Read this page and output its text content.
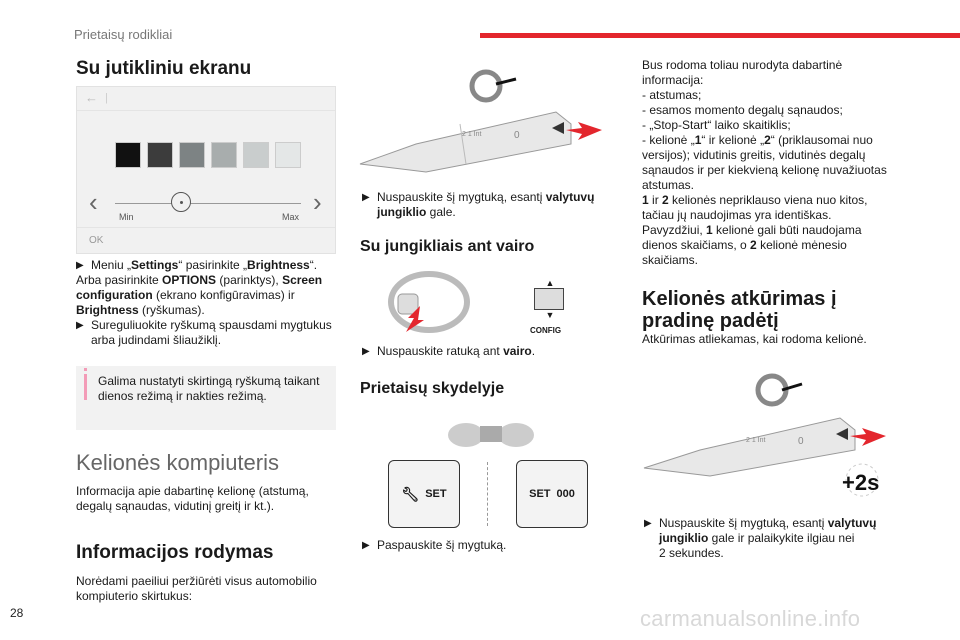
Prietaisų rodikliai
Su jutikliniu ekranu
← |
‹	›
Min	Max
OK
▶ Meniu „Settings“ pasirinkite „Brightness“.

Arba pasirinkite OPTIONS (parinktys), Screen configuration (ekrano konfigūravimas) ir Brightness (ryškumas).

▶ Sureguliuokite ryškumą spausdami mygtukus arba judindami šliaužiklį.

Galima nustatyti skirtingą ryškumą taikant dienos režimą ir nakties režimą.

Kelionės kompiuteris

Informacija apie dabartinę kelionę (atstumą, degalų sąnaudas, vidutinį greitį ir kt.).

Informacijos rodymas

Norėdami paeiliui peržiūrėti visus automobilio kompiuterio skirtukus:

2 1 Int	0
▶ Nuspauskite šį mygtuką, esantį valytuvų jungiklio gale.
Su jungikliais ant vairo
▲
▼
CONFIG
▶ Nuspauskite ratuką ant vairo.
Prietaisų skydelyje
🔧︎ SET	SET 000
▶ Paspauskite šį mygtuką.

Bus rodoma toliau nurodyta dabartinė informacija:

- atstumas;

- esamos momento degalų sąnaudos;

- „Stop-Start“ laiko skaitiklis;

- kelionė „1“ ir kelionė „2“ (priklausomai nuo versijos); vidutinis greitis, vidutinės degalų sąnaudos ir per kiekvieną kelionę nuvažiuotas atstumas.

1 ir 2 kelionės nepriklauso viena nuo kitos, tačiau jų naudojimas yra identiškas.

Pavyzdžiui, 1 kelionė gali būti naudojama dienos skaičiams, o 2 kelionė mėnesio skaičiams.

Kelionės atkūrimas į
pradinę padėtį

Atkūrimas atliekamas, kai rodoma kelionė.

2 1 Int	0
+2s
▶ Nuspauskite šį mygtuką, esantį valytuvų jungiklio gale ir palaikykite ilgiau nei
2 sekundes.
28	carmanualsonline.info
